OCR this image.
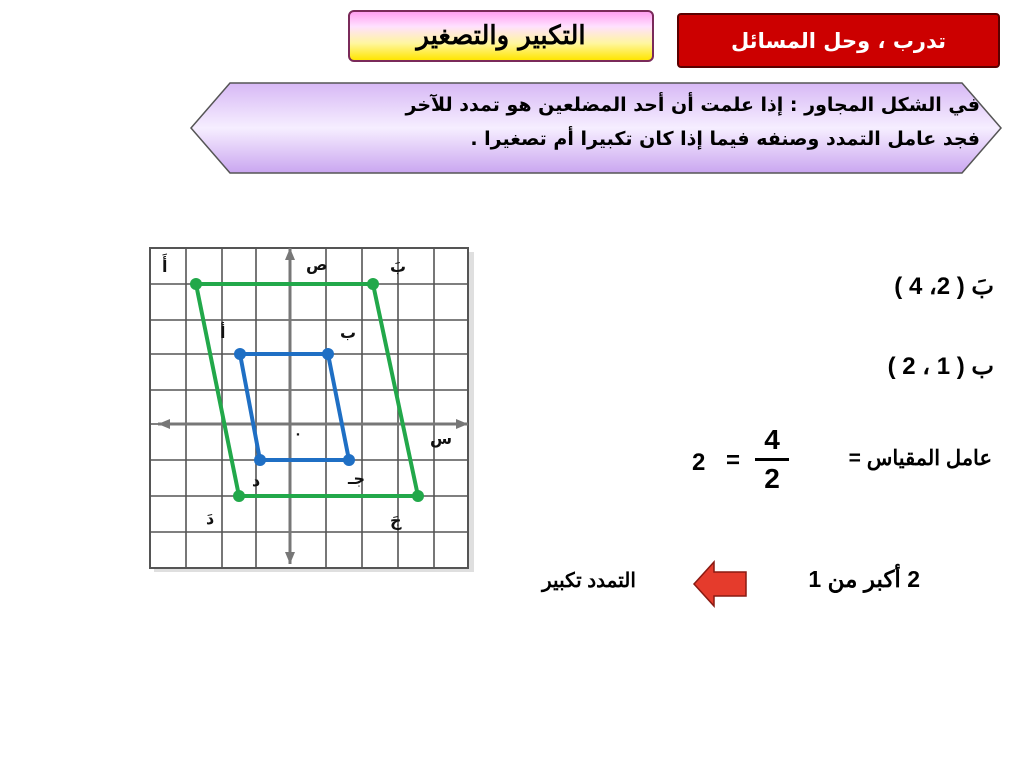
التكبير والتصغير	تدرب ، وحل المسائل
في الشكل المجاور : إذا علمت أن أحد المضلعين هو تمدد للآخر
فجد عامل التمدد وصنفه فيما إذا كان تكبيرا أم تصغيرا .
ص
س
٠
أَ	بَ
جَ
دَ
أ	ب
جـ
د
بَ ( 2، 4 )
ب ( 1 ، 2 )
عامل المقياس =
4
2
=
2
2 أكبر من 1
التمدد تكبير
